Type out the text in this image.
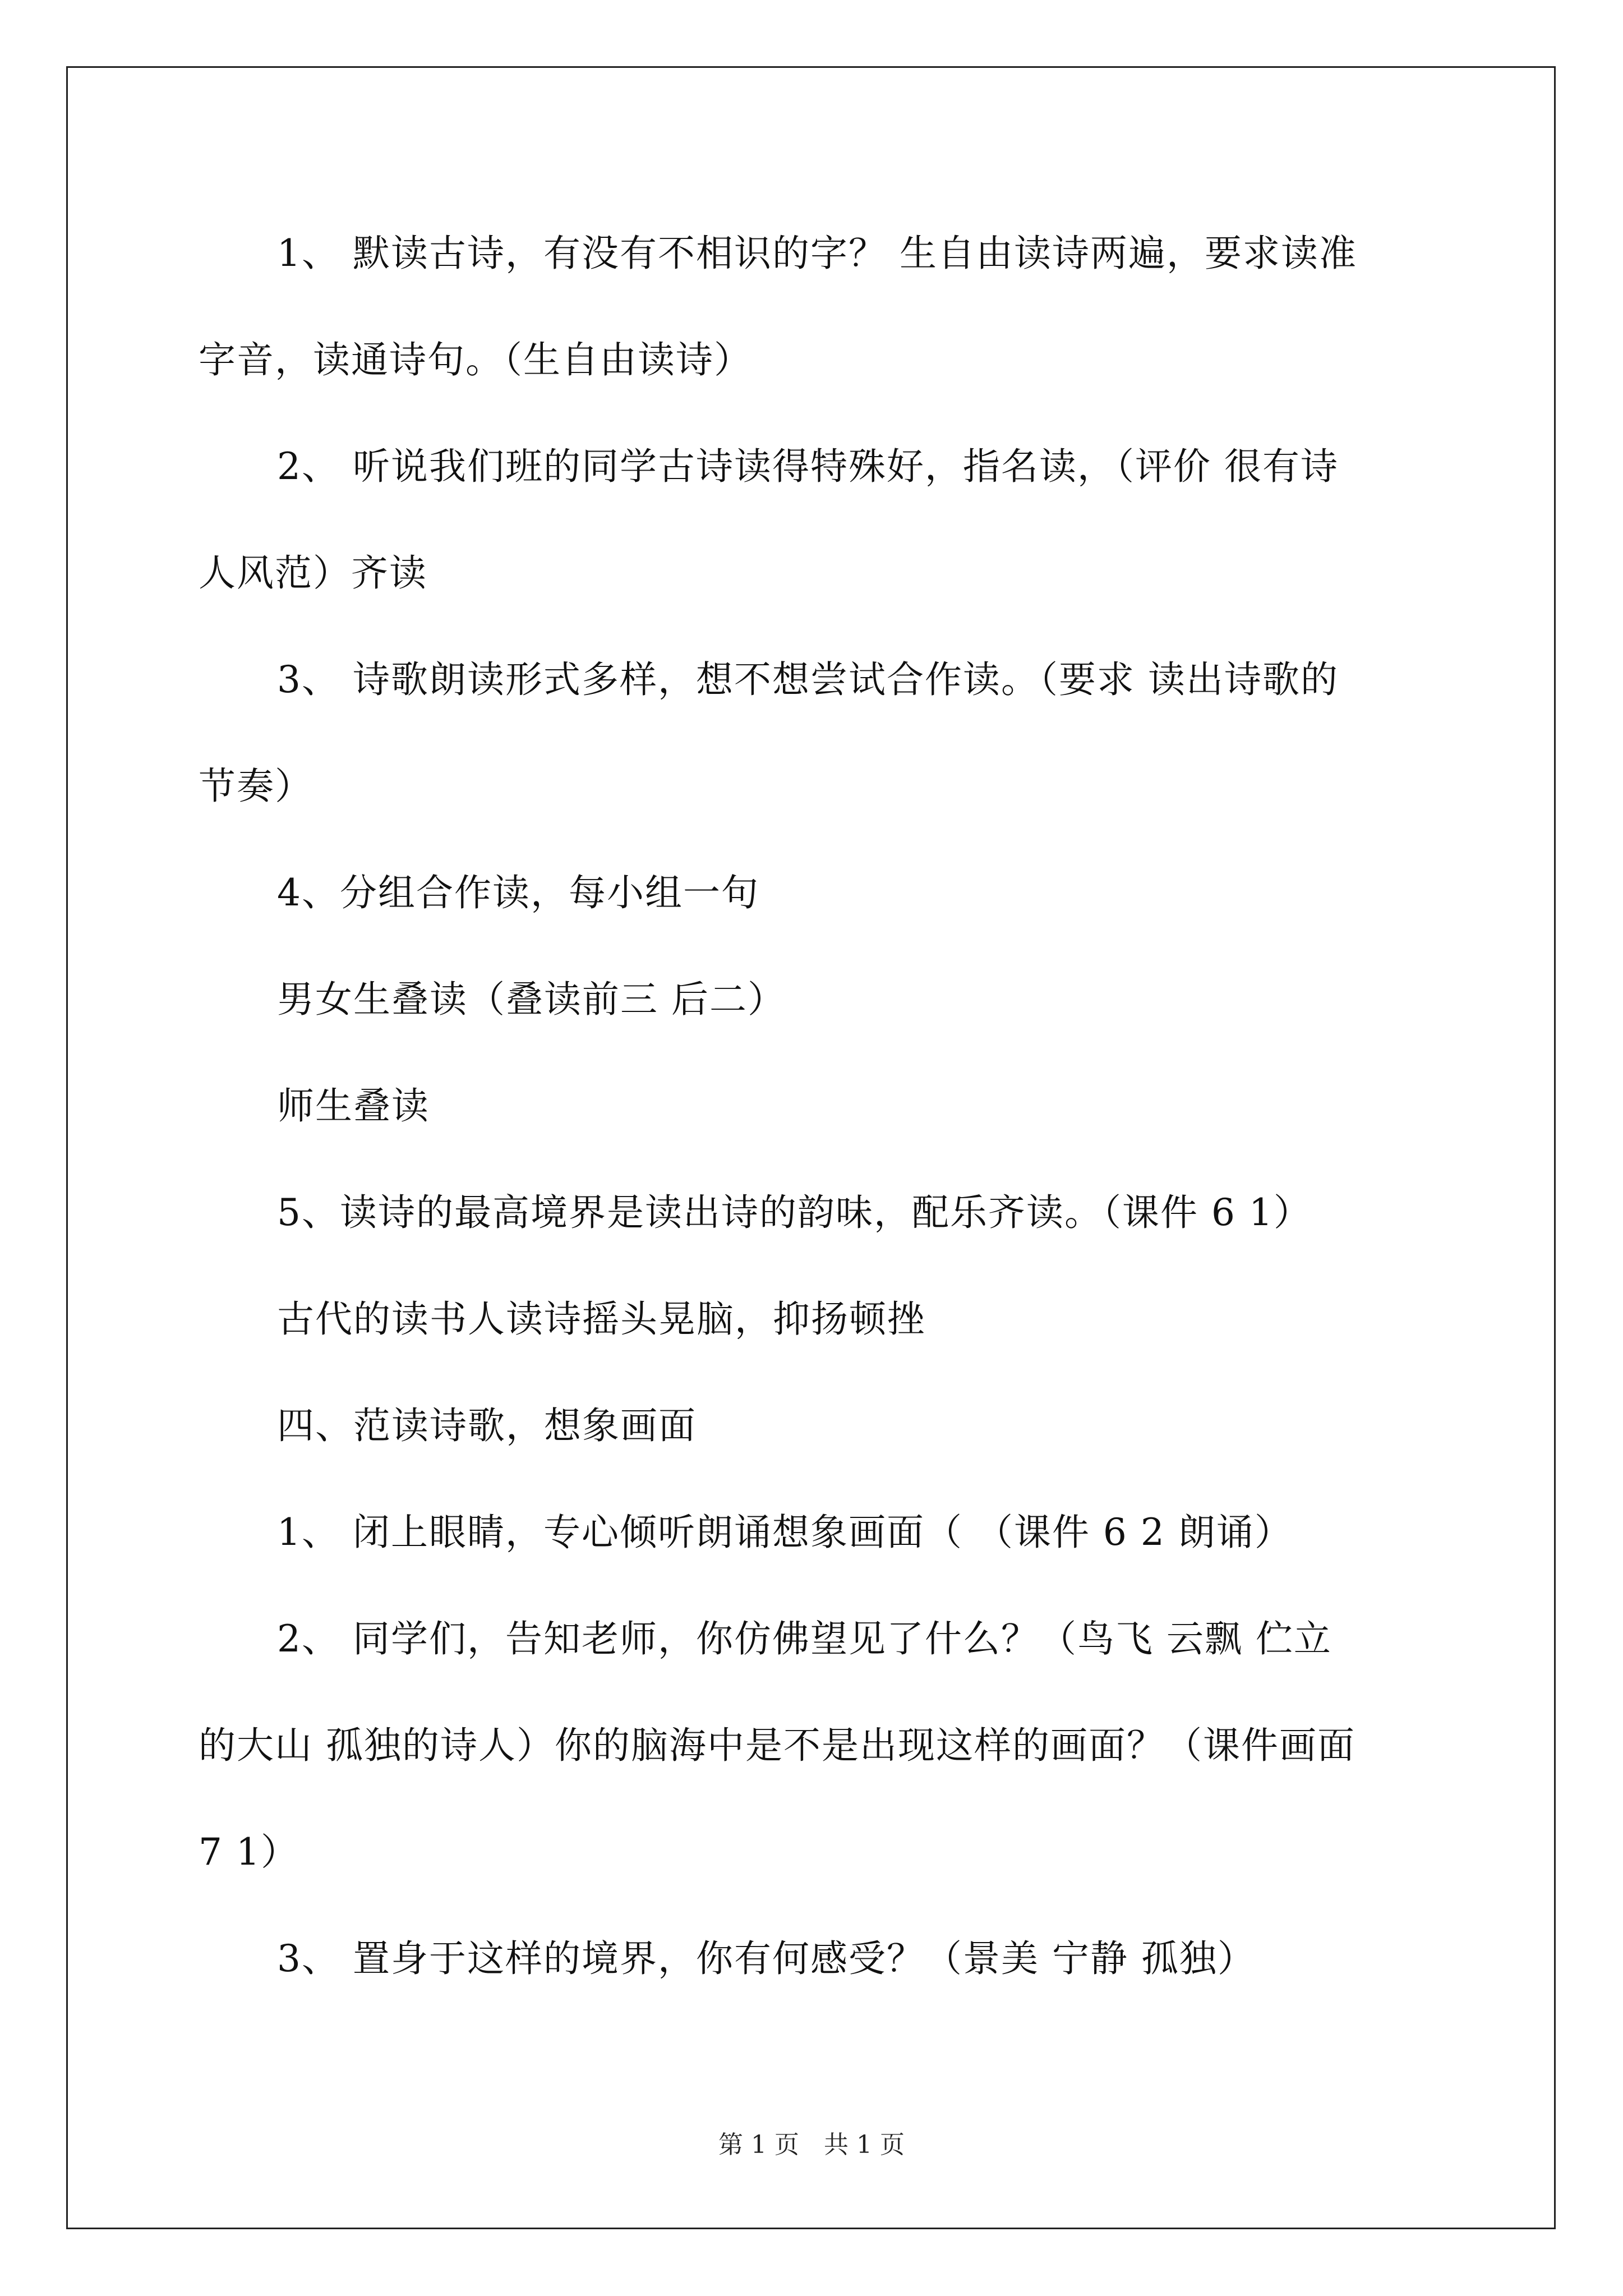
1、 默读古诗，有没有不相识的字？ 生自由读诗两遍，要求读准
字音，读通诗句。（生自由读诗）
2、 听说我们班的同学古诗读得特殊好，指名读，（评价 很有诗
人风范）齐读
3、 诗歌朗读形式多样，想不想尝试合作读。（要求 读出诗歌的
节奏）
4、分组合作读，每小组一句
男女生叠读（叠读前三 后二）
师生叠读
5、读诗的最高境界是读出诗的韵味，配乐齐读。（课件 6 1）
古代的读书人读诗摇头晃脑，抑扬顿挫
四、范读诗歌，想象画面
1、 闭上眼睛，专心倾听朗诵想象画面（ （课件 6 2 朗诵）
2、 同学们，告知老师，你仿佛望见了什么？（鸟飞 云飘 伫立
的大山 孤独的诗人）你的脑海中是不是出现这样的画面？（课件画面
7 1）
3、 置身于这样的境界，你有何感受？（景美 宁静 孤独）
第 1 页　共 1 页
